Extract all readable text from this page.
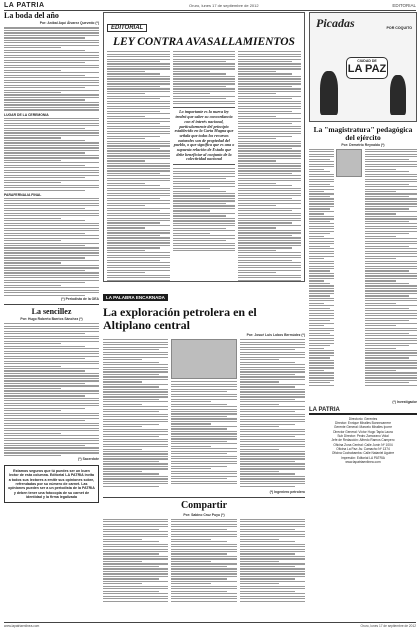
LA PATRIA	Oruro, lunes 17 de septiembre de 2012	EDITORIAL
La boda del año
Por: Aníbal Aquí Álvarez Quevedo (*)
LUGAR DE LA CEREMONIA
PARAFERNALIA FINAL
(*) Periodista de la OEA
La sencillez
Por: Hugo Roberto Barrios Sánchez (*)
(*) Sacerdote
Estamos seguros que tú puedes ser un buen lector de esta columna. Editorial LA PATRIA invita a todos sus lectores a emitir sus opiniones sobre, refrendadas por su número de carnet. Las opiniones pueden ser a un periodista de la PATRIA y deben tener una fotocopia de su carnet de identidad y la firma legalizada
EDITORIAL
LEY CONTRA AVASALLAMIENTOS
Lo importante es la nueva ley tendrá que saber su concordancia con el interés nacional, particularmente del principio establecido en la Carta Magna que señala que todas los recursos naturales son de propiedad del pueblo, o que significa que es una o supuesta relación de Estado que debe beneficiar al conjunto de la colectividad nacional
LA PALABRA ENCARNADA
La exploración petrolera en el Altiplano central
Por: Josué Luis Lobos Bermúdez (*)
(*) Ingeniero petrolero
Compartir
Por: Sabino Cruz Puyu (*)
Picadas	POR COQUITO
CIUDAD DE
LA PAZ
La "magistratura" pedagógica del ejército
Por: Demetrio Reynaldo (*)
(*) Investigador
LA PATRIA
Directorio: Gerentes
Director: Enrique Miralles Bonnecarrere
Gerente General: Marcelo Miralles Iporre
Director General: Víctor Hugo Tapia Laura
Sub Director: Pedro Zamorano Vidal
Jefe de Redacción: Alfredo Ramos Campero
Oficina Zona Central: Calle Junín Nº 1004
Oficina La Paz: Av. Camacho Nº 1374
Oficina Cochabamba: Calle Nataniel Aguirre
Impresión: Editorial LA PATRIA
www.lapatriaenlinea.com
www.lapatriaenlinea.com	Oruro, lunes 17 de septiembre de 2012
